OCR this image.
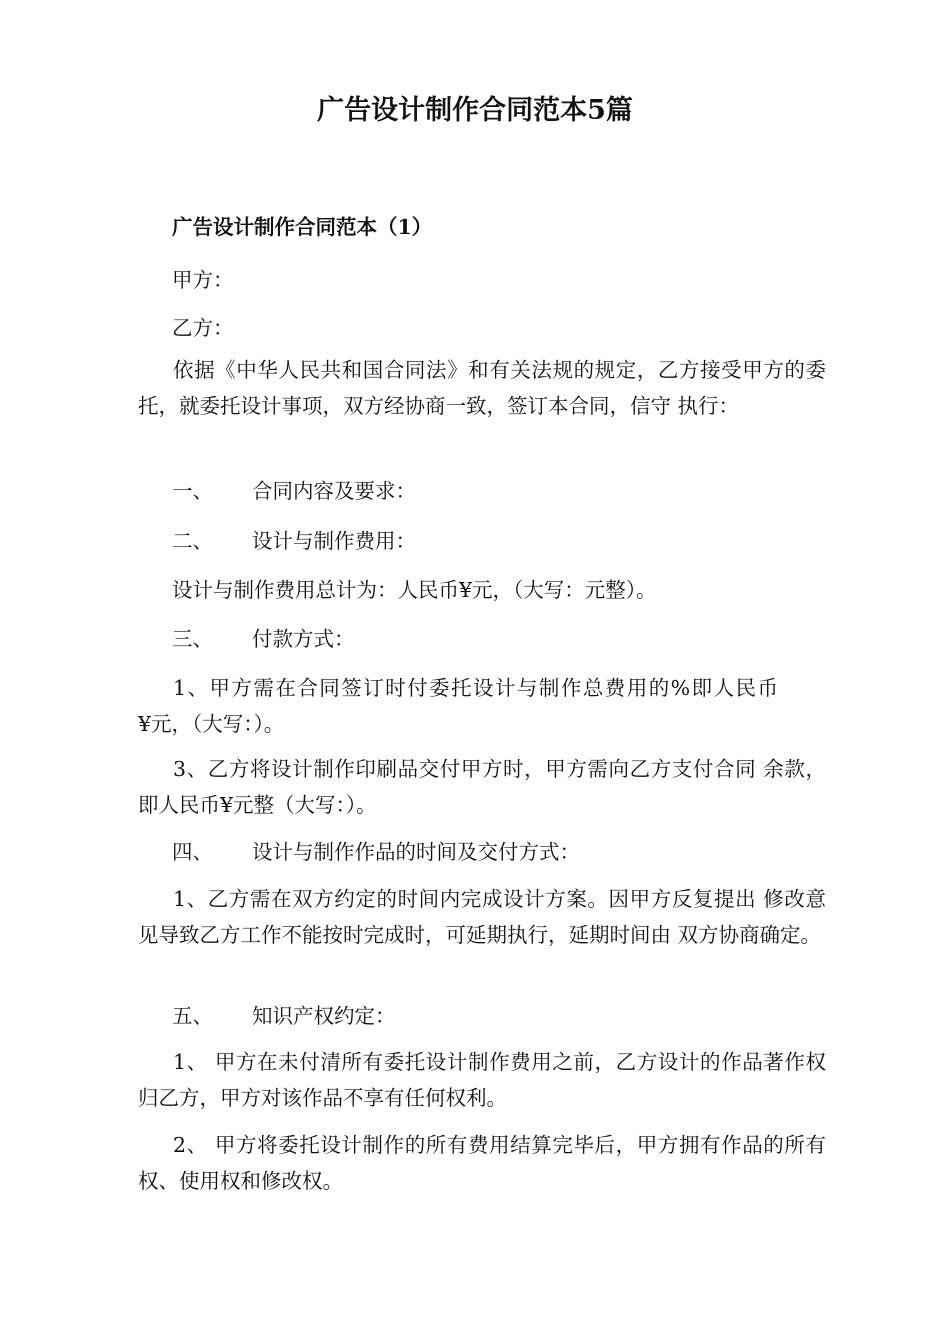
广告设计制作合同范本5篇
广告设计制作合同范本（1）
甲方：
乙方：

依据《中华人民共和国合同法》和有关法规的规定，乙方接受甲方的委托，就委托设计事项，双方经协商一致，签订本合同，信守 执行：

一、 合同内容及要求：
二、 设计与制作费用：
设计与制作费用总计为：人民币¥元，（大写：元整）。
三、 付款方式：

1、甲方需在合同签订时付委托设计与制作总费用的%即人民币¥元，（大写：）。

3、乙方将设计制作印刷品交付甲方时，甲方需向乙方支付合同 余款，即人民币¥元整（大写：）。

四、 设计与制作作品的时间及交付方式：

1、乙方需在双方约定的时间内完成设计方案。因甲方反复提出 修改意见导致乙方工作不能按时完成时，可延期执行，延期时间由 双方协商确定。

五、 知识产权约定：

1、 甲方在未付清所有委托设计制作费用之前，乙方设计的作品著作权归乙方，甲方对该作品不享有任何权利。

2、 甲方将委托设计制作的所有费用结算完毕后，甲方拥有作品的所有权、使用权和修改权。
